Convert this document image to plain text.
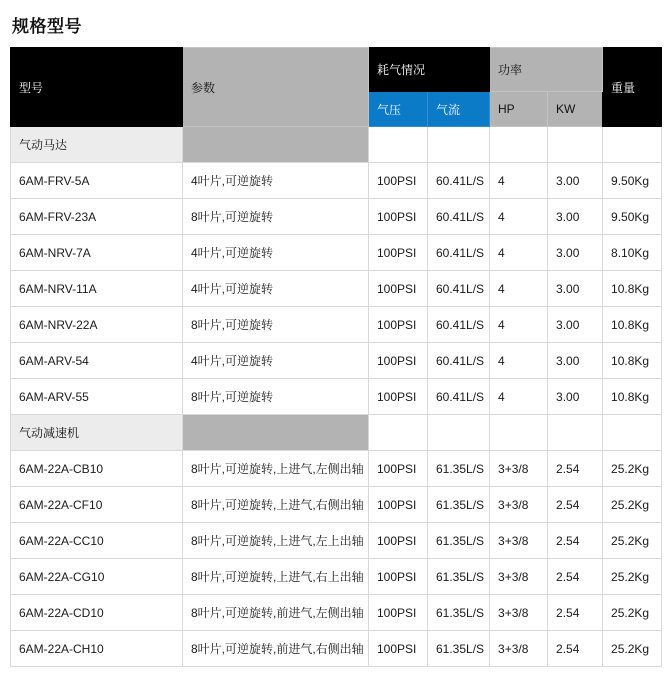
规格型号
型号	参数	耗气情况		功率		重量
		气压	气流	HP	KW	
气动马达						
6AM-FRV-5A	4叶片,可逆旋转	100PSI	60.41L/S	4	3.00	9.50Kg
6AM-FRV-23A	8叶片,可逆旋转	100PSI	60.41L/S	4	3.00	9.50Kg
6AM-NRV-7A	4叶片,可逆旋转	100PSI	60.41L/S	4	3.00	8.10Kg
6AM-NRV-11A	4叶片,可逆旋转	100PSI	60.41L/S	4	3.00	10.8Kg
6AM-NRV-22A	8叶片,可逆旋转	100PSI	60.41L/S	4	3.00	10.8Kg
6AM-ARV-54	4叶片,可逆旋转	100PSI	60.41L/S	4	3.00	10.8Kg
6AM-ARV-55	8叶片,可逆旋转	100PSI	60.41L/S	4	3.00	10.8Kg
气动减速机						
6AM-22A-CB10	8叶片,可逆旋转,上进气,左侧出轴	100PSI	61.35L/S	3+3/8	2.54	25.2Kg
6AM-22A-CF10	8叶片,可逆旋转,上进气,右侧出轴	100PSI	61.35L/S	3+3/8	2.54	25.2Kg
6AM-22A-CC10	8叶片,可逆旋转,上进气,左上出轴	100PSI	61.35L/S	3+3/8	2.54	25.2Kg
6AM-22A-CG10	8叶片,可逆旋转,上进气,右上出轴	100PSI	61.35L/S	3+3/8	2.54	25.2Kg
6AM-22A-CD10	8叶片,可逆旋转,前进气,左侧出轴	100PSI	61.35L/S	3+3/8	2.54	25.2Kg
6AM-22A-CH10	8叶片,可逆旋转,前进气,右侧出轴	100PSI	61.35L/S	3+3/8	2.54	25.2Kg
